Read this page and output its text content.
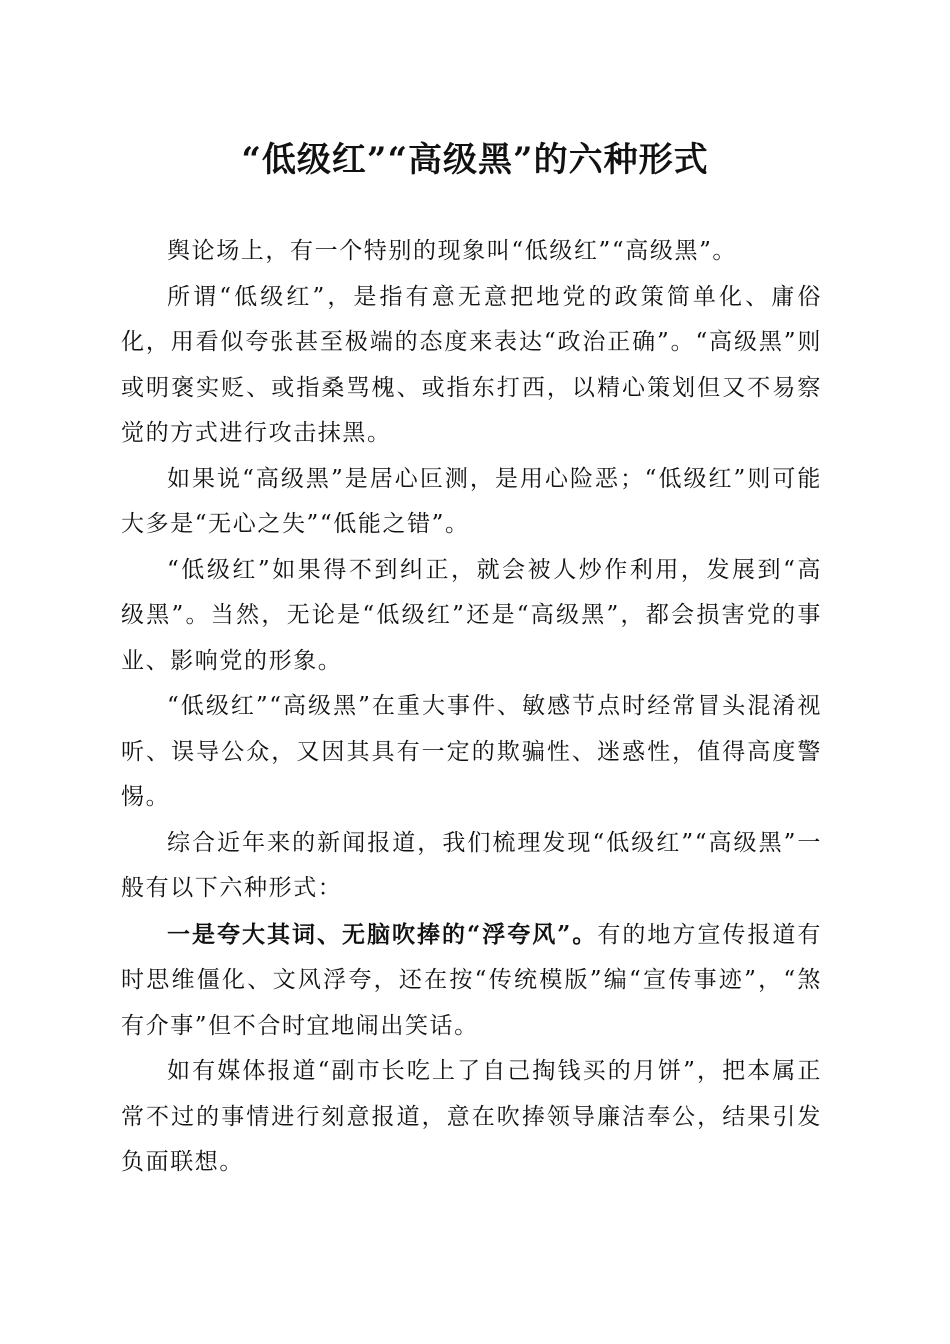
“低级红”“高级黑”的六种形式

舆论场上，有一个特别的现象叫“低级红”“高级黑”。

所谓“低级红”，是指有意无意把地党的政策简单化、庸俗化，用看似夸张甚至极端的态度来表达“政治正确”。“高级黑”则或明褒实贬、或指桑骂槐、或指东打西，以精心策划但又不易察觉的方式进行攻击抹黑。

如果说“高级黑”是居心叵测，是用心险恶；“低级红”则可能大多是“无心之失”“低能之错”。

“低级红”如果得不到纠正，就会被人炒作利用，发展到“高级黑”。当然，无论是“低级红”还是“高级黑”，都会损害党的事业、影响党的形象。

“低级红”“高级黑”在重大事件、敏感节点时经常冒头混淆视听、误导公众，又因其具有一定的欺骗性、迷惑性，值得高度警惕。

综合近年来的新闻报道，我们梳理发现“低级红”“高级黑”一般有以下六种形式：

一是夸大其词、无脑吹捧的“浮夸风”。有的地方宣传报道有时思维僵化、文风浮夸，还在按“传统模版”编“宣传事迹”，“煞有介事”但不合时宜地闹出笑话。

如有媒体报道“副市长吃上了自己掏钱买的月饼”，把本属正常不过的事情进行刻意报道，意在吹捧领导廉洁奉公，结果引发负面联想。
